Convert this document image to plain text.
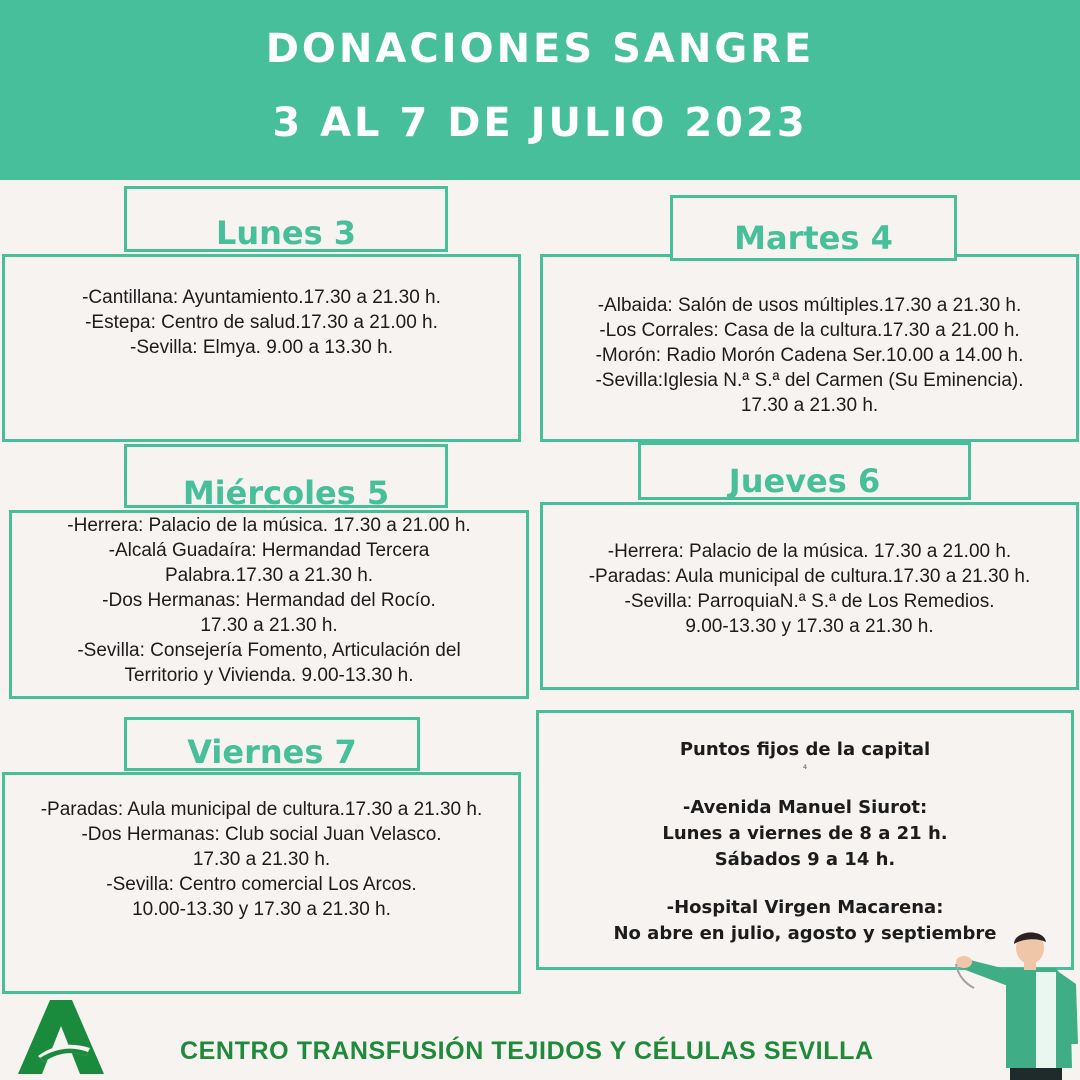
DONACIONES SANGRE
3 AL 7 DE JULIO 2023
-Cantillana: Ayuntamiento.17.30 a 21.30 h.
-Estepa: Centro de salud.17.30 a 21.00 h.
-Sevilla: Elmya. 9.00 a 13.30 h.
Lunes 3
-Albaida: Salón de usos múltiples.17.30 a 21.30 h.
-Los Corrales: Casa de la cultura.17.30 a 21.00 h.
-Morón: Radio Morón Cadena Ser.10.00 a 14.00 h.
-Sevilla:Iglesia N.ª S.ª del Carmen (Su Eminencia).
17.30 a 21.30 h.
Martes 4
-Herrera: Palacio de la música. 17.30 a 21.00 h.
-Alcalá Guadaíra: Hermandad Tercera
Palabra.17.30 a 21.30 h.
-Dos Hermanas: Hermandad del Rocío.
17.30 a 21.30 h.
-Sevilla: Consejería Fomento, Articulación del
Territorio y Vivienda. 9.00-13.30 h.
Miércoles 5
-Herrera: Palacio de la música. 17.30 a 21.00 h.
-Paradas: Aula municipal de cultura.17.30 a 21.30 h.
-Sevilla: ParroquiaN.ª S.ª de Los Remedios.
9.00-13.30 y 17.30 a 21.30 h.
Jueves 6
-Paradas: Aula municipal de cultura.17.30 a 21.30 h.
-Dos Hermanas: Club social Juan Velasco.
17.30 a 21.30 h.
-Sevilla: Centro comercial Los Arcos.
10.00-13.30 y 17.30 a 21.30 h.
Viernes 7	Puntos fijos de la capital
4
-Avenida Manuel Siurot:
Lunes a viernes de 8 a 21 h.
Sábados 9 a 14 h.
-Hospital Virgen Macarena:
No abre en julio, agosto y septiembre
CENTRO TRANSFUSIÓN TEJIDOS Y CÉLULAS SEVILLA
